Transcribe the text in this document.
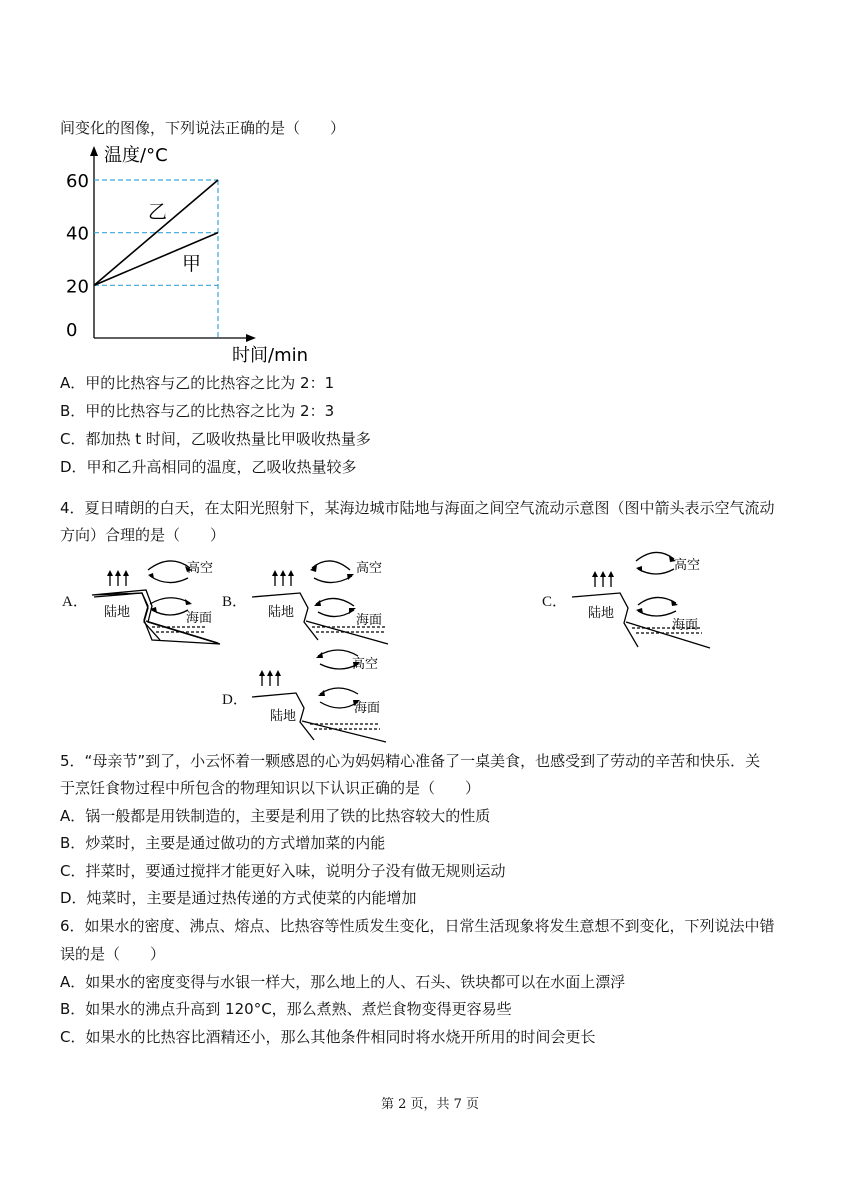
间变化的图像，下列说法正确的是（　　）
温度/°C
时间/min
0
20
40
60
乙
甲
A．甲的比热容与乙的比热容之比为 2：1
B．甲的比热容与乙的比热容之比为 2：3
C．都加热 t 时间，乙吸收热量比甲吸收热量多
D．甲和乙升高相同的温度，乙吸收热量较多
4．夏日晴朗的白天，在太阳光照射下，某海边城市陆地与海面之间空气流动示意图（图中箭头表示空气流动
方向）合理的是（　　）
A．	B．	C．
D．
高空
陆地	海面
高空
陆地
海面
高空
陆地
海面
高空
陆地
海面
5．“母亲节”到了，小云怀着一颗感恩的心为妈妈精心准备了一桌美食，也感受到了劳动的辛苦和快乐．关
于烹饪食物过程中所包含的物理知识以下认识正确的是（　　）
A．锅一般都是用铁制造的，主要是利用了铁的比热容较大的性质
B．炒菜时，主要是通过做功的方式增加菜的内能
C．拌菜时，要通过搅拌才能更好入味，说明分子没有做无规则运动
D．炖菜时，主要是通过热传递的方式使菜的内能增加
6．如果水的密度、沸点、熔点、比热容等性质发生变化，日常生活现象将发生意想不到变化，下列说法中错
误的是（　　）
A．如果水的密度变得与水银一样大，那么地上的人、石头、铁块都可以在水面上漂浮
B．如果水的沸点升高到 120°C，那么煮熟、煮烂食物变得更容易些
C．如果水的比热容比酒精还小，那么其他条件相同时将水烧开所用的时间会更长
第 2 页，共 7 页
